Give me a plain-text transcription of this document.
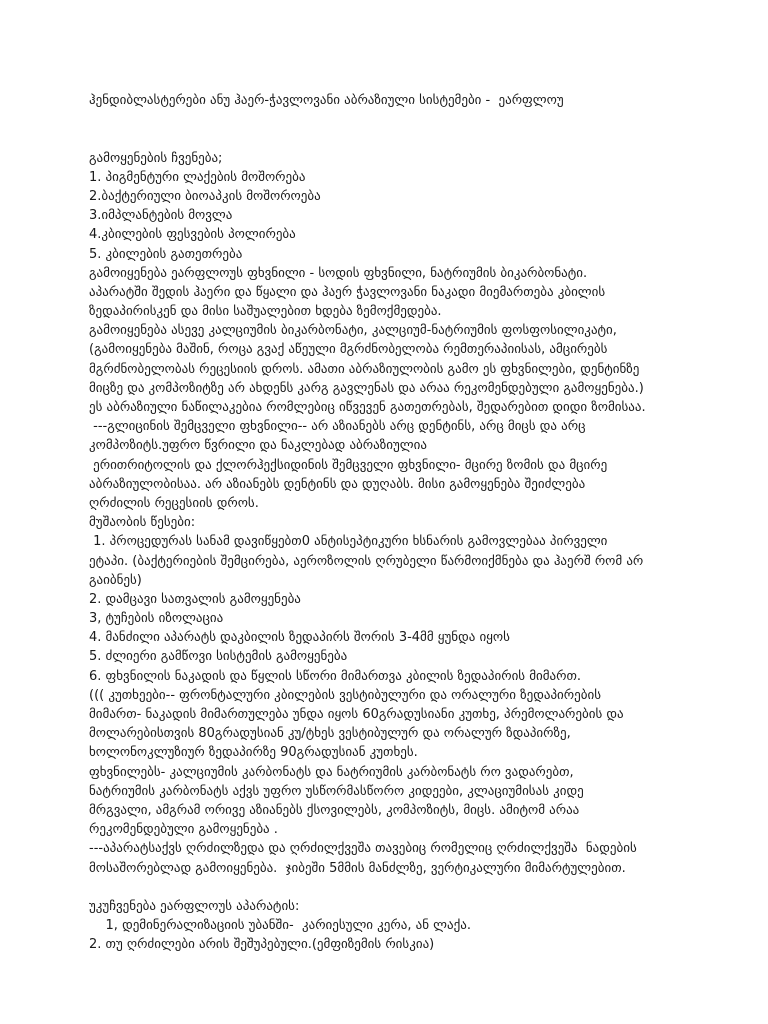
ჰენდიბლასტერები ანუ ჰაერ-ჭავლოვანი აბრაზიული სისტემები -  ეარფლოუ
გამოყენების ჩვენება;
1. პიგმენტური ლაქების მოშორება
2.ბაქტერიული ბიოაპკის მოშოროება
3.იმპლანტების მოვლა
4.კბილების ფესვების პოლირება
5. კბილების გათეთრება
გამოიყენება ეარფლოუს ფხვნილი - სოდის ფხვნილი, ნატრიუმის ბიკარბონატი.
აპარატში შედის ჰაერი და წყალი და ჰაერ ჭავლოვანი ნაკადი მიემართება კბილის
ზედაპირისკენ და მისი საშუალებით ხდება ზემოქმედება.
გამოიყენება ასევე კალციუმის ბიკარბონატი, კალციუმ-ნატრიუმის ფოსფოსილიკატი,
(გამოიყენება მაშინ, როცა გვაქ აწეული მგრძნობელობა რემთერაპიისას, ამცირებს
მგრძნობელობას რეცესიის დროს. ამათი აბრაზიულობის გამო ეს ფხვნილები, დენტინზე
მიცზე და კომპოზიტზე არ ახდენს კარგ გავლენას და არაა რეკომენდებული გამოყენება.)
ეს აბრაზიული ნაწილაკებია რომლებიც იწვევენ გათეთრებას, შედარებით დიდი ზომისაა.
---გლიცინის შემცველი ფხვნილი-- არ აზიანებს არც დენტინს, არც მიცს და არც
კომპოზიტს.უფრო წვრილი და ნაკლებად აბრაზიულია
ერითრიტოლის და ქლორჰექსიდინის შემცველი ფხვნილი- მცირე ზომის და მცირე
აბრაზიულობისაა. არ აზიანებს დენტინს და დუღაბს. მისი გამოყენება შეიძლება
ღრძილის რეცესიის დროს.
მუშაობის წესები:
1. პროცედურას სანამ დავიწყებთ0 ანტისეპტიკური ხსნარის გამოვლებაა პირველი
ეტაპი. (ბაქტერიების შემცირება, აეროზოლის ღრუბელი წარმოიქმნება და ჰაერშ რომ არ
გაიბნეს)
2. დამცავი სათვალის გამოყენება
3, ტუჩების იზოლაცია
4. მანძილი აპარატს დაკბილის ზედაპირს შორის 3-4მმ ყუნდა იყოს
5. ძლიერი გამწოვი სისტემის გამოყენება
6. ფხვნილის ნაკადის და წყლის სწორი მიმართვა კბილის ზედაპირის მიმართ.
((( კუთხეები-- ფრონტალური კბილების ვესტიბულური და ორალური ზედაპირების
მიმართ- ნაკადის მიმართულება უნდა იყოს 60გრადუსიანი კუთხე, პრემოლარების და
მოლარებისთვის 80გრადუსიან კუ/ტხეს ვესტიბულურ და ორალურ ზდაპირზე,
ხოლონოკლუზიურ ზედაპირზე 90გრადუსიან კუთხეს.
ფხვნილებს- კალციუმის კარბონატს და ნატრიუმის კარბონატს რო ვადარებთ,
ნატრიუმის კარბონატს აქვს უფრო უსწორმასწორო კიდეები, კლაციუმისას კიდე
მრგვალი, ამგრამ ორივე აზიანებს ქსოვილებს, კომპოზიტს, მიცს. ამიტომ არაა
რეკომენდებული გამოყენება .
---აპარატსაქვს ღრძილზედა და ღრძილქვეშა თავებიც რომელიც ღრძილქვეშა  ნადების
მოსაშორებლად გამოიყენება.  ჯიბეში 5მმის მანძლზე, ვერტიკალური მიმარტულებით.
უკუჩვენება ეარფლოუს აპარატის:
1, დემინერალიზაციის უბანში-  კარიესული კერა, ან ლაქა.
2. თუ ღრძილები არის შეშუპებული.(ემფიზემის რისკია)
